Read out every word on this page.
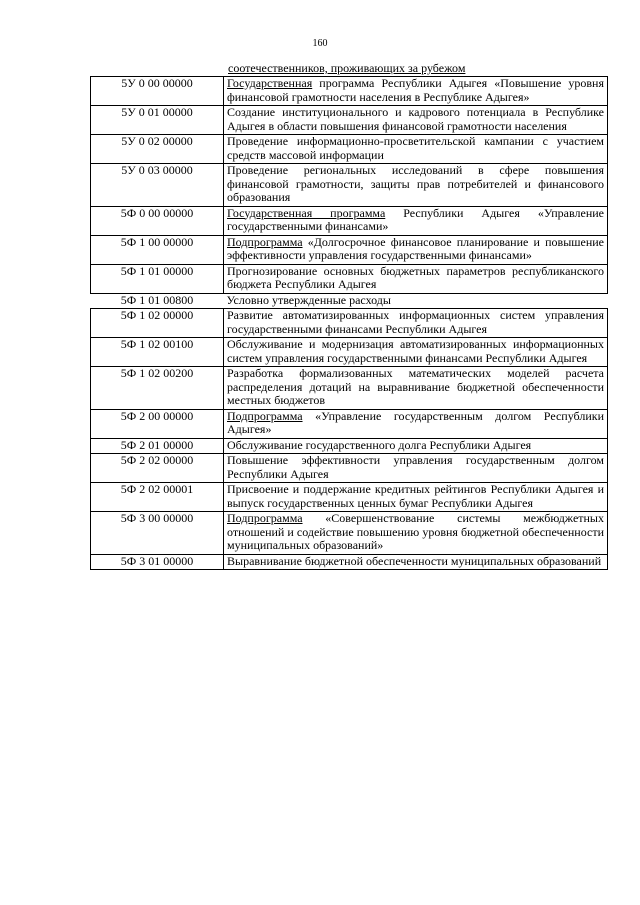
160
соотечественников, проживающих за рубежом
5У 0 00 00000	Государственная программа Республики Адыгея «Повышение уровня финансовой грамотности населения в Республике Адыгея»
5У 0 01 00000	Создание институционального и кадрового потенциала в Республике Адыгея в области повышения финансовой грамотности населения
5У 0 02 00000	Проведение информационно-просветительской кампании с участием средств массовой информации
5У 0 03 00000	Проведение региональных исследований в сфере повышения финансовой грамотности, защиты прав потребителей и финансового образования
5Ф 0 00 00000	Государственная программа Республики Адыгея «Управление государственными финансами»
5Ф 1 00 00000	Подпрограмма «Долгосрочное финансовое планирование и повышение эффективности управления государственными финансами»
5Ф 1 01 00000	Прогнозирование основных бюджетных параметров республиканского бюджета Республики Адыгея
5Ф 1 01 00800	Условно утвержденные расходы
5Ф 1 02 00000	Развитие автоматизированных информационных систем управления государственными финансами Республики Адыгея
5Ф 1 02 00100	Обслуживание и модернизация автоматизированных информационных систем управления государственными финансами Республики Адыгея
5Ф 1 02 00200	Разработка формализованных математических моделей расчета распределения дотаций на выравнивание бюджетной обеспеченности местных бюджетов
5Ф 2 00 00000	Подпрограмма «Управление государственным долгом Республики Адыгея»
5Ф 2 01 00000	Обслуживание государственного долга Республики Адыгея
5Ф 2 02 00000	Повышение эффективности управления государственным долгом Республики Адыгея
5Ф 2 02 00001	Присвоение и поддержание кредитных рейтингов Республики Адыгея и выпуск государственных ценных бумаг Республики Адыгея
5Ф 3 00 00000	Подпрограмма «Совершенствование системы межбюджетных отношений и содействие повышению уровня бюджетной обеспеченности муниципальных образований»
5Ф 3 01 00000	Выравнивание бюджетной обеспеченности муниципальных образований
